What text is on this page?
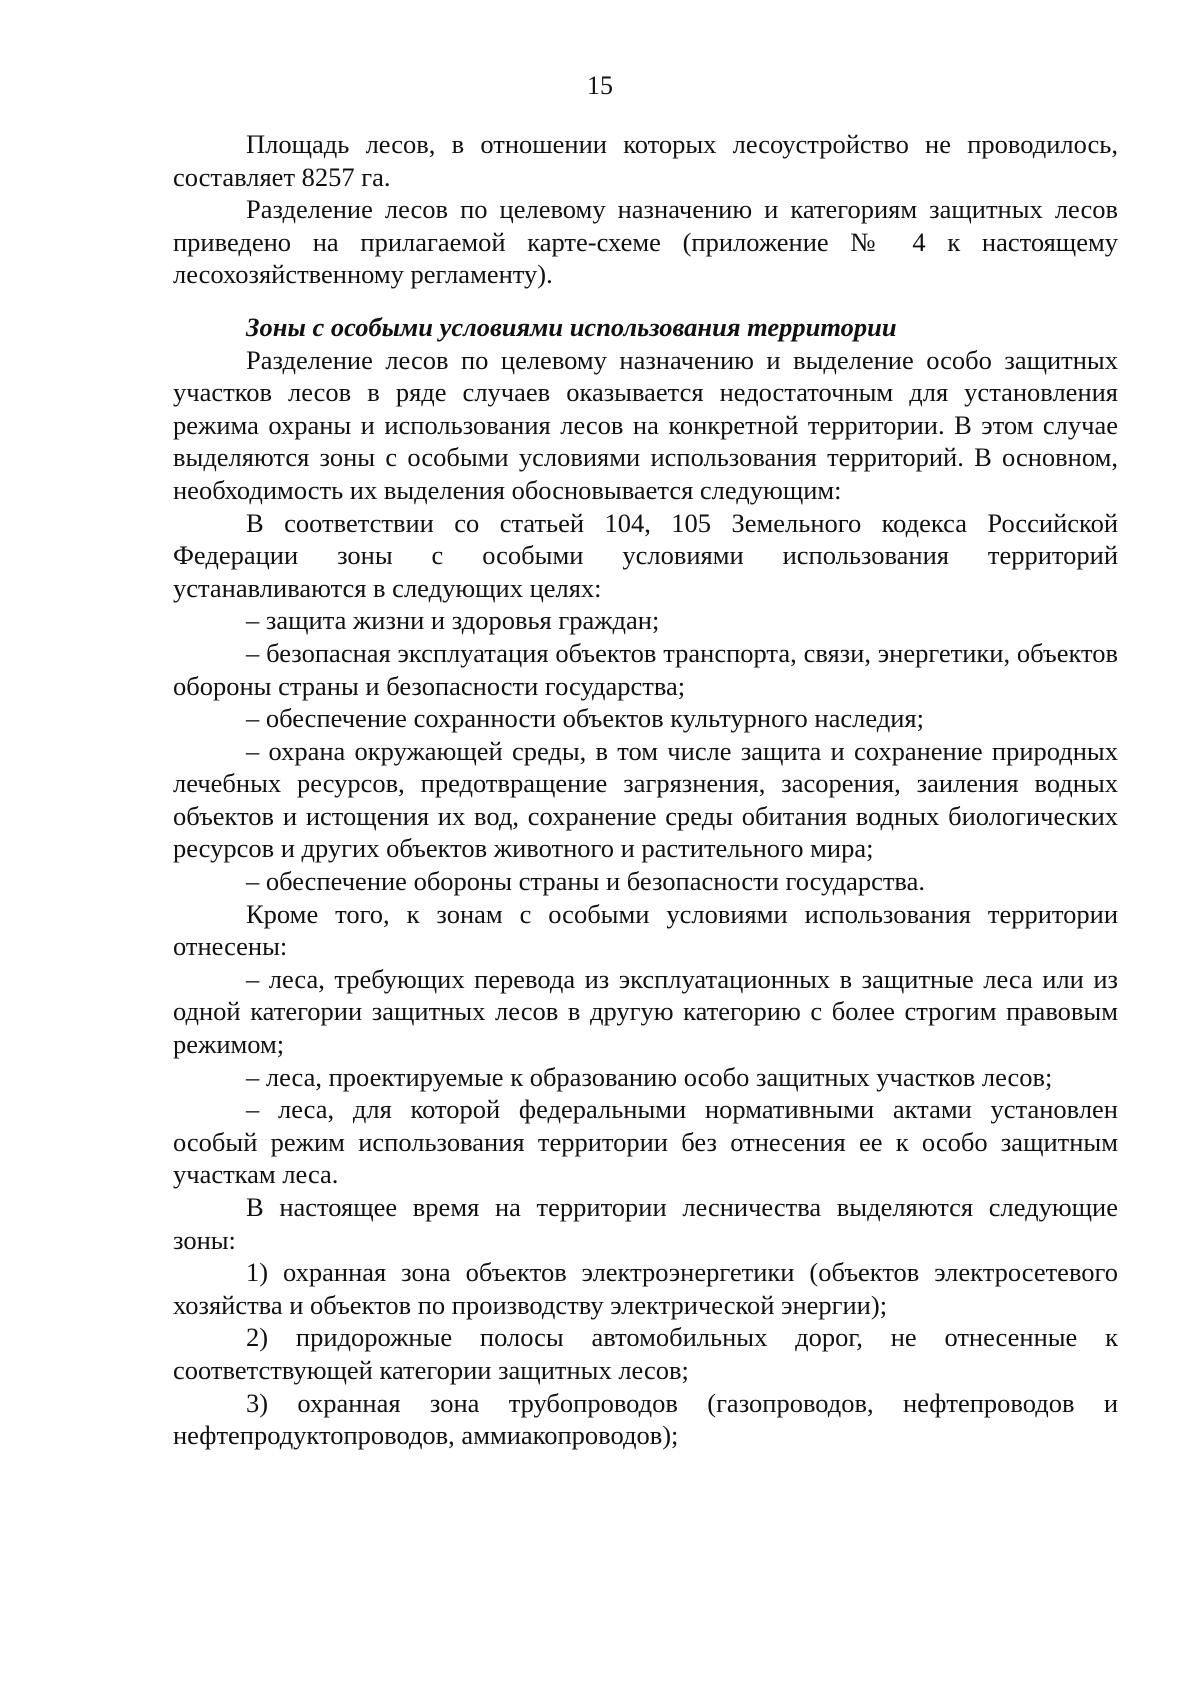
15

Площадь лесов, в отношении которых лесоустройство не проводилось, составляет 8257 га.

Разделение лесов по целевому назначению и категориям защитных лесов приведено на прилагаемой карте-схеме (приложение № 4 к настоящему лесохозяйственному регламенту).

Зоны с особыми условиями использования территории

Разделение лесов по целевому назначению и выделение особо защитных участков лесов в ряде случаев оказывается недостаточным для установления режима охраны и использования лесов на конкретной территории. В этом случае выделяются зоны с особыми условиями использования территорий. В основном, необходимость их выделения обосновывается следующим:

В соответствии со статьей 104, 105 Земельного кодекса Российской Федерации зоны с особыми условиями использования территорий устанавливаются в следующих целях:

– защита жизни и здоровья граждан;

– безопасная эксплуатация объектов транспорта, связи, энергетики, объектов обороны страны и безопасности государства;

– обеспечение сохранности объектов культурного наследия;

– охрана окружающей среды, в том числе защита и сохранение природных лечебных ресурсов, предотвращение загрязнения, засорения, заиления водных объектов и истощения их вод, сохранение среды обитания водных биологических ресурсов и других объектов животного и растительного мира;

– обеспечение обороны страны и безопасности государства.

Кроме того, к зонам с особыми условиями использования территории отнесены:

– леса, требующих перевода из эксплуатационных в защитные леса или из одной категории защитных лесов в другую категорию с более строгим правовым режимом;

– леса, проектируемые к образованию особо защитных участков лесов;

– леса, для которой федеральными нормативными актами установлен особый режим использования территории без отнесения ее к особо защитным участкам леса.

В настоящее время на территории лесничества выделяются следующие зоны:

1) охранная зона объектов электроэнергетики (объектов электросетевого хозяйства и объектов по производству электрической энергии);

2) придорожные полосы автомобильных дорог, не отнесенные к соответствующей категории защитных лесов;

3) охранная зона трубопроводов (газопроводов, нефтепроводов и нефтепродуктопроводов, аммиакопроводов);
